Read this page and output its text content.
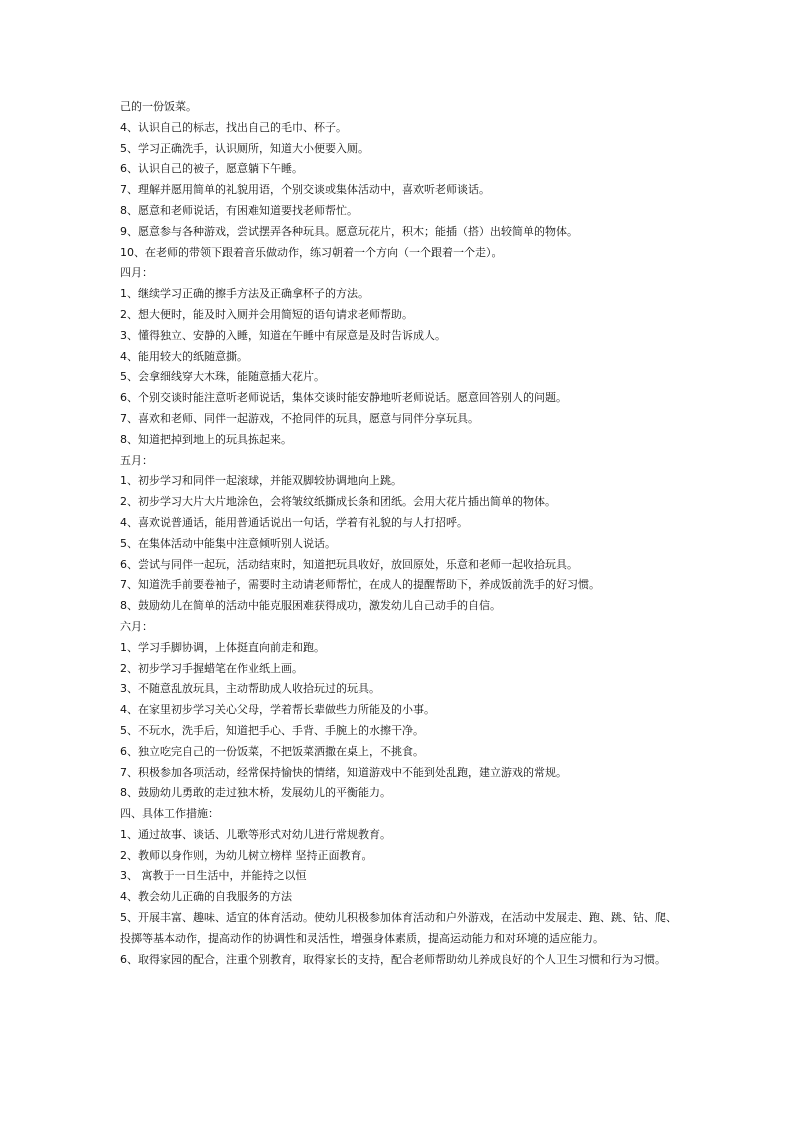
己的一份饭菜。

4、认识自己的标志，找出自己的毛巾、杯子。

5、学习正确洗手，认识厕所，知道大小便要入厕。

6、认识自己的被子，愿意躺下午睡。

7、理解并愿用简单的礼貌用语，个别交谈或集体活动中，喜欢听老师谈话。

8、愿意和老师说话，有困难知道要找老师帮忙。

9、愿意参与各种游戏，尝试摆弄各种玩具。愿意玩花片，积木；能插（搭）出较简单的物体。

10、在老师的带领下跟着音乐做动作，练习朝着一个方向（一个跟着一个走）。

四月：

1、继续学习正确的擦手方法及正确拿杯子的方法。

2、想大便时，能及时入厕并会用简短的语句请求老师帮助。

3、懂得独立、安静的入睡，知道在午睡中有尿意是及时告诉成人。

4、能用较大的纸随意撕。

5、会拿细线穿大木珠，能随意插大花片。

6、个别交谈时能注意听老师说话，集体交谈时能安静地听老师说话。愿意回答别人的问题。

7、喜欢和老师、同伴一起游戏，不抢同伴的玩具，愿意与同伴分享玩具。

8、知道把掉到地上的玩具拣起来。

五月：

1、初步学习和同伴一起滚球，并能双脚较协调地向上跳。

2、初步学习大片大片地涂色，会将皱纹纸撕成长条和团纸。会用大花片插出简单的物体。

4、喜欢说普通话，能用普通话说出一句话，学着有礼貌的与人打招呼。

5、在集体活动中能集中注意倾听别人说话。

6、尝试与同伴一起玩，活动结束时，知道把玩具收好，放回原处，乐意和老师一起收拾玩具。

7、知道洗手前要卷袖子，需要时主动请老师帮忙，在成人的提醒帮助下，养成饭前洗手的好习惯。

8、鼓励幼儿在简单的活动中能克服困难获得成功，激发幼儿自己动手的自信。

六月：

1、学习手脚协调，上体挺直向前走和跑。

2、初步学习手握蜡笔在作业纸上画。

3、不随意乱放玩具，主动帮助成人收拾玩过的玩具。

4、在家里初步学习关心父母，学着帮长辈做些力所能及的小事。

5、不玩水，洗手后，知道把手心、手背、手腕上的水擦干净。

6、独立吃完自己的一份饭菜，不把饭菜洒撒在桌上，不挑食。

7、积极参加各项活动，经常保持愉快的情绪，知道游戏中不能到处乱跑，建立游戏的常规。

8、鼓励幼儿勇敢的走过独木桥，发展幼儿的平衡能力。

四、具体工作措施：

1、通过故事、谈话、儿歌等形式对幼儿进行常规教育。

2、教师以身作则，为幼儿树立榜样 坚持正面教育。

3、 寓教于一日生活中，并能持之以恒

4、教会幼儿正确的自我服务的方法

5、开展丰富、趣味、适宜的体育活动。使幼儿积极参加体育活动和户外游戏，在活动中发展走、跑、跳、钻、爬、投掷等基本动作，提高动作的协调性和灵活性，增强身体素质，提高运动能力和对环境的适应能力。

6、取得家园的配合，注重个别教育，取得家长的支持，配合老师帮助幼儿养成良好的个人卫生习惯和行为习惯。
